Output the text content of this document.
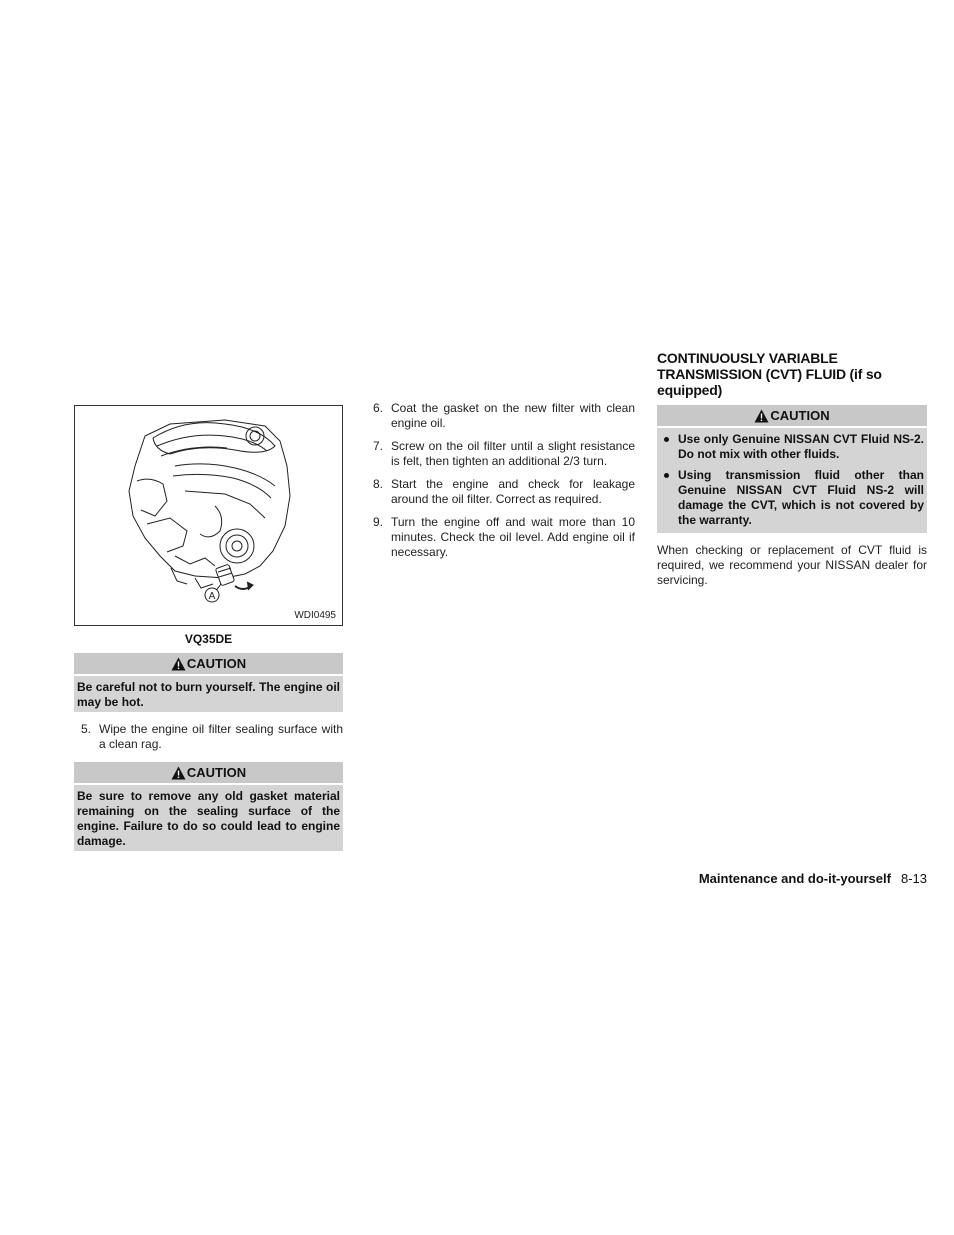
A
WDI0495
VQ35DE
CAUTION
Be careful not to burn yourself. The engine oil may be hot.
5. Wipe the engine oil filter sealing surface with a clean rag.
CAUTION
Be sure to remove any old gasket material remaining on the sealing surface of the engine. Failure to do so could lead to engine damage.
6. Coat the gasket on the new filter with clean engine oil.
7. Screw on the oil filter until a slight resistance is felt, then tighten an additional 2/3 turn.
8. Start the engine and check for leakage around the oil filter. Correct as required.
9. Turn the engine off and wait more than 10 minutes. Check the oil level. Add engine oil if necessary.
CONTINUOUSLY VARIABLE TRANSMISSION (CVT) FLUID (if so equipped)
CAUTION
Use only Genuine NISSAN CVT Fluid NS-2. Do not mix with other fluids.
Using transmission fluid other than Genuine NISSAN CVT Fluid NS-2 will damage the CVT, which is not covered by the warranty.

When checking or replacement of CVT fluid is required, we recommend your NISSAN dealer for servicing.

Maintenance and do-it-yourself 8-13
